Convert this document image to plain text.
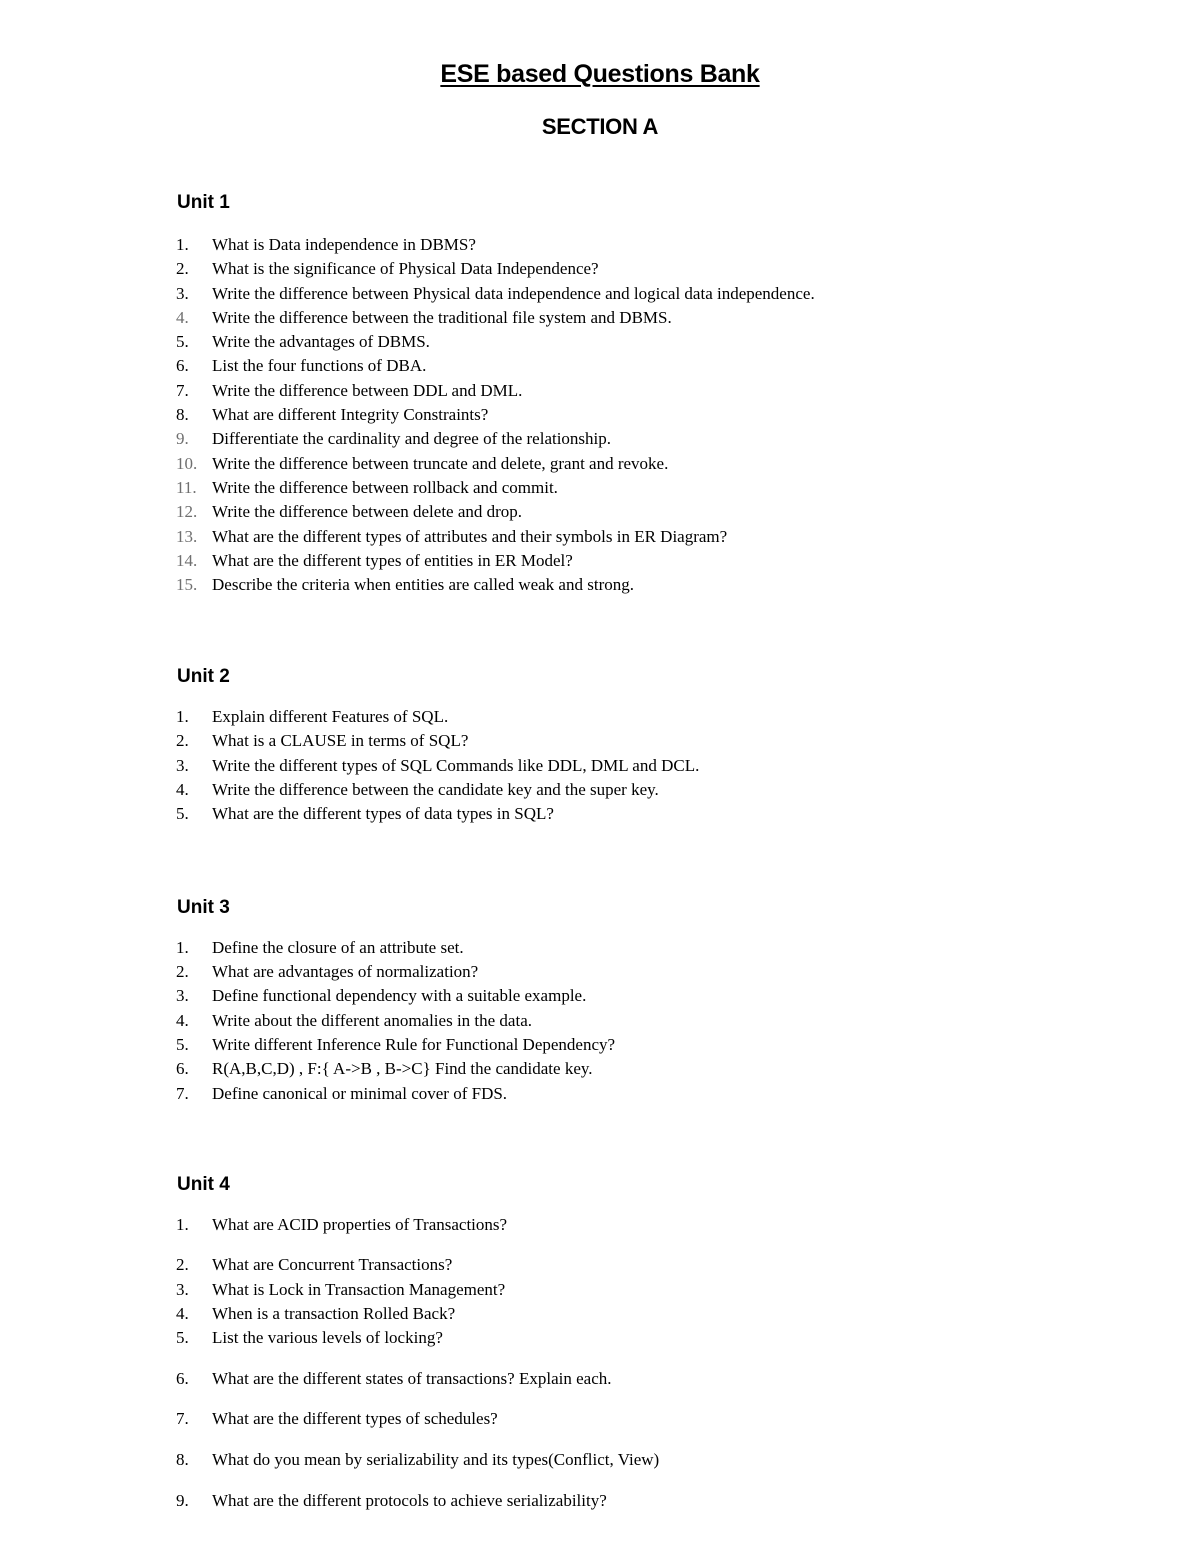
ESE based Questions Bank
SECTION A
Unit 1
1. What is Data independence in DBMS?
2. What is the significance of Physical Data Independence?
3. Write the difference between Physical data independence and logical data independence.
4. Write the difference between the traditional file system and DBMS.
5. Write the advantages of DBMS.
6. List the four functions of DBA.
7. Write the difference between DDL and DML.
8. What are different Integrity Constraints?
9. Differentiate the cardinality and degree of the relationship.
10. Write the difference between truncate and delete, grant and revoke.
11. Write the difference between rollback and commit.
12. Write the difference between delete and drop.
13. What are the different types of attributes and their symbols in ER Diagram?
14. What are the different types of entities in ER Model?
15. Describe the criteria when entities are called weak and strong.
Unit 2
1. Explain different Features of SQL.
2. What is a CLAUSE in terms of SQL?
3. Write the different types of SQL Commands like DDL, DML and DCL.
4. Write the difference between the candidate key and the super key.
5. What are the different types of data types in SQL?
Unit 3
1. Define the closure of an attribute set.
2. What are advantages of normalization?
3. Define functional dependency with a suitable example.
4. Write about the different anomalies in the data.
5. Write different Inference Rule for Functional Dependency?
6. R(A,B,C,D) , F:{ A->B , B->C} Find the candidate key.
7. Define canonical or minimal cover of FDS.
Unit 4
1. What are ACID properties of Transactions?
2. What are Concurrent Transactions?
3. What is Lock in Transaction Management?
4. When is a transaction Rolled Back?
5. List the various levels of locking?
6. What are the different states of transactions? Explain each.
7. What are the different types of schedules?
8. What do you mean by serializability and its types(Conflict, View)
9. What are the different protocols to achieve serializability?
